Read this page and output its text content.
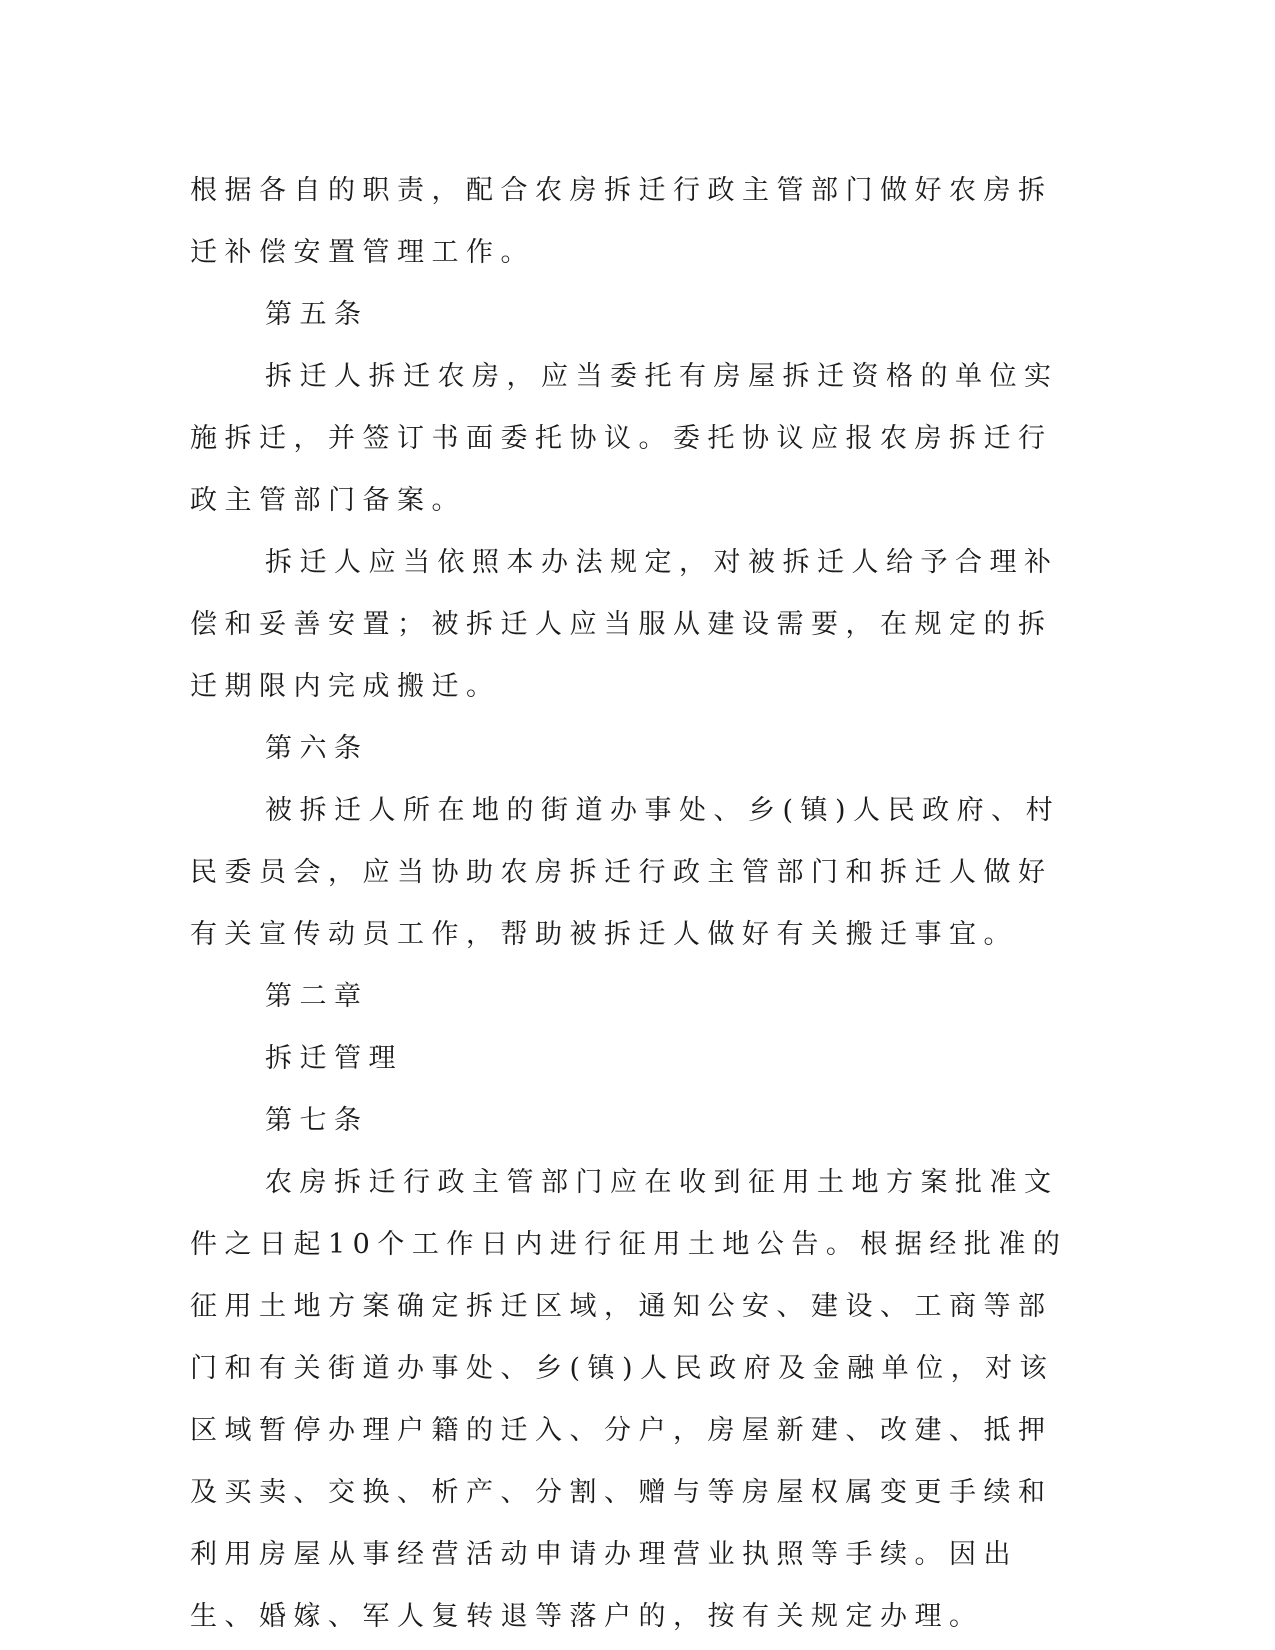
根据各自的职责，配合农房拆迁行政主管部门做好农房拆迁补偿安置管理工作。

第五条

拆迁人拆迁农房，应当委托有房屋拆迁资格的单位实施拆迁，并签订书面委托协议。委托协议应报农房拆迁行政主管部门备案。

拆迁人应当依照本办法规定，对被拆迁人给予合理补偿和妥善安置；被拆迁人应当服从建设需要，在规定的拆迁期限内完成搬迁。

第六条

被拆迁人所在地的街道办事处、乡(镇)人民政府、村民委员会，应当协助农房拆迁行政主管部门和拆迁人做好有关宣传动员工作，帮助被拆迁人做好有关搬迁事宜。

第二章

拆迁管理

第七条

农房拆迁行政主管部门应在收到征用土地方案批准文件之日起10个工作日内进行征用土地公告。根据经批准的征用土地方案确定拆迁区域，通知公安、建设、工商等部门和有关街道办事处、乡(镇)人民政府及金融单位，对该区域暂停办理户籍的迁入、分户，房屋新建、改建、抵押及买卖、交换、析产、分割、赠与等房屋权属变更手续和利用房屋从事经营活动申请办理营业执照等手续。因出生、婚嫁、军人复转退等落户的，按有关规定办理。
